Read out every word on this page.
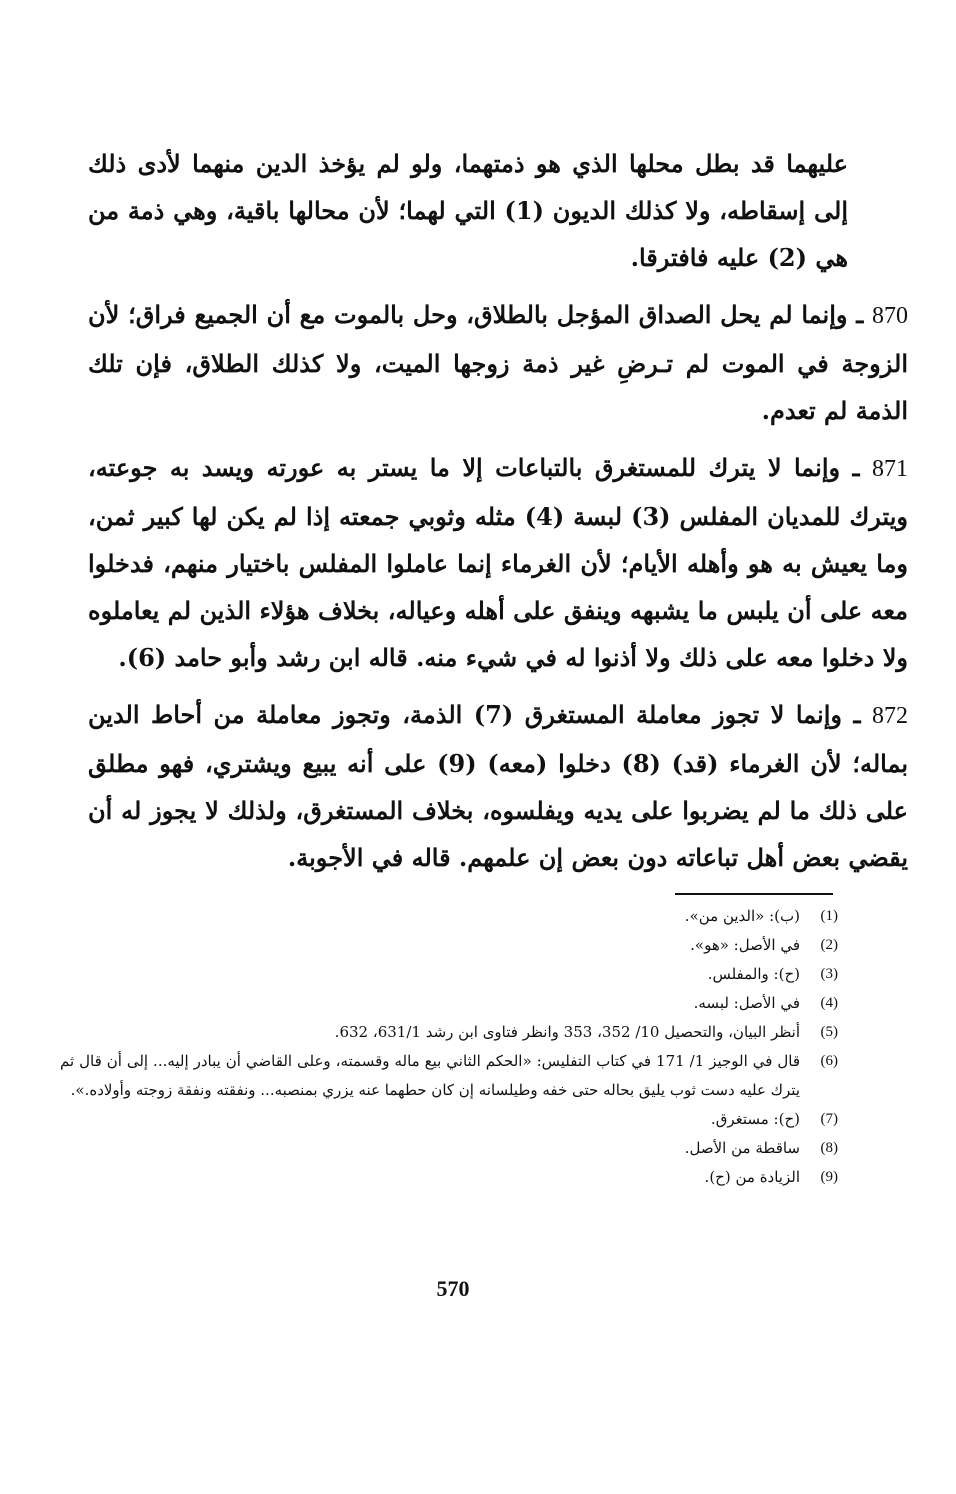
عليهما قد بطل محلها الذي هو ذمتهما، ولو لم يؤخذ الدين منهما لأدى ذلك إلى إسقاطه، ولا كذلك الديون (1) التي لهما؛ لأن محالها باقية، وهي ذمة من هي (2) عليه فافترقا.

870 ـ وإنما لم يحل الصداق المؤجل بالطلاق، وحل بالموت مع أن الجميع فراق؛ لأن الزوجة في الموت لم تـرضِ غير ذمة زوجها الميت، ولا كذلك الطلاق، فإن تلك الذمة لم تعدم.

871 ـ وإنما لا يترك للمستغرق بالتباعات إلا ما يستر به عورته ويسد به جوعته، ويترك للمديان المفلس (3) لبسة (4) مثله وثوبي جمعته إذا لم يكن لها كبير ثمن، وما يعيش به هو وأهله الأيام؛ لأن الغرماء إنما عاملوا المفلس باختيار منهم، فدخلوا معه على أن يلبس ما يشبهه وينفق على أهله وعياله، بخلاف هؤلاء الذين لم يعاملوه ولا دخلوا معه على ذلك ولا أذنوا له في شيء منه. قاله ابن رشد وأبو حامد (6).

872 ـ وإنما لا تجوز معاملة المستغرق (7) الذمة، وتجوز معاملة من أحاط الدين بماله؛ لأن الغرماء (قد) (8) دخلوا (معه) (9) على أنه يبيع ويشتري، فهو مطلق على ذلك ما لم يضربوا على يديه ويفلسوه، بخلاف المستغرق، ولذلك لا يجوز له أن يقضي بعض أهل تباعاته دون بعض إن علمهم. قاله في الأجوبة.

(1)
(ب): «الدين من».

(2)
في الأصل: «هو».

(3)
(ح): والمفلس.

(4)
في الأصل: لبسه.

(5)
أنظر البيان، والتحصيل 10/ 352، 353 وانظر فتاوى ابن رشد 631/1، 632.

(6)
قال في الوجيز 1/ 171 في كتاب التفليس: «الحكم الثاني بيع ماله وقسمته، وعلى القاضي أن يبادر إليه... إلى أن قال ثم يترك عليه دست ثوب يليق بحاله حتى خفه وطيلسانه إن كان حطهما عنه يزري بمنصبه... ونفقته ونفقة زوجته وأولاده.».

(7)
(ح): مستغرق.

(8)
ساقطة من الأصل.

(9)
الزيادة من (ح).

570
